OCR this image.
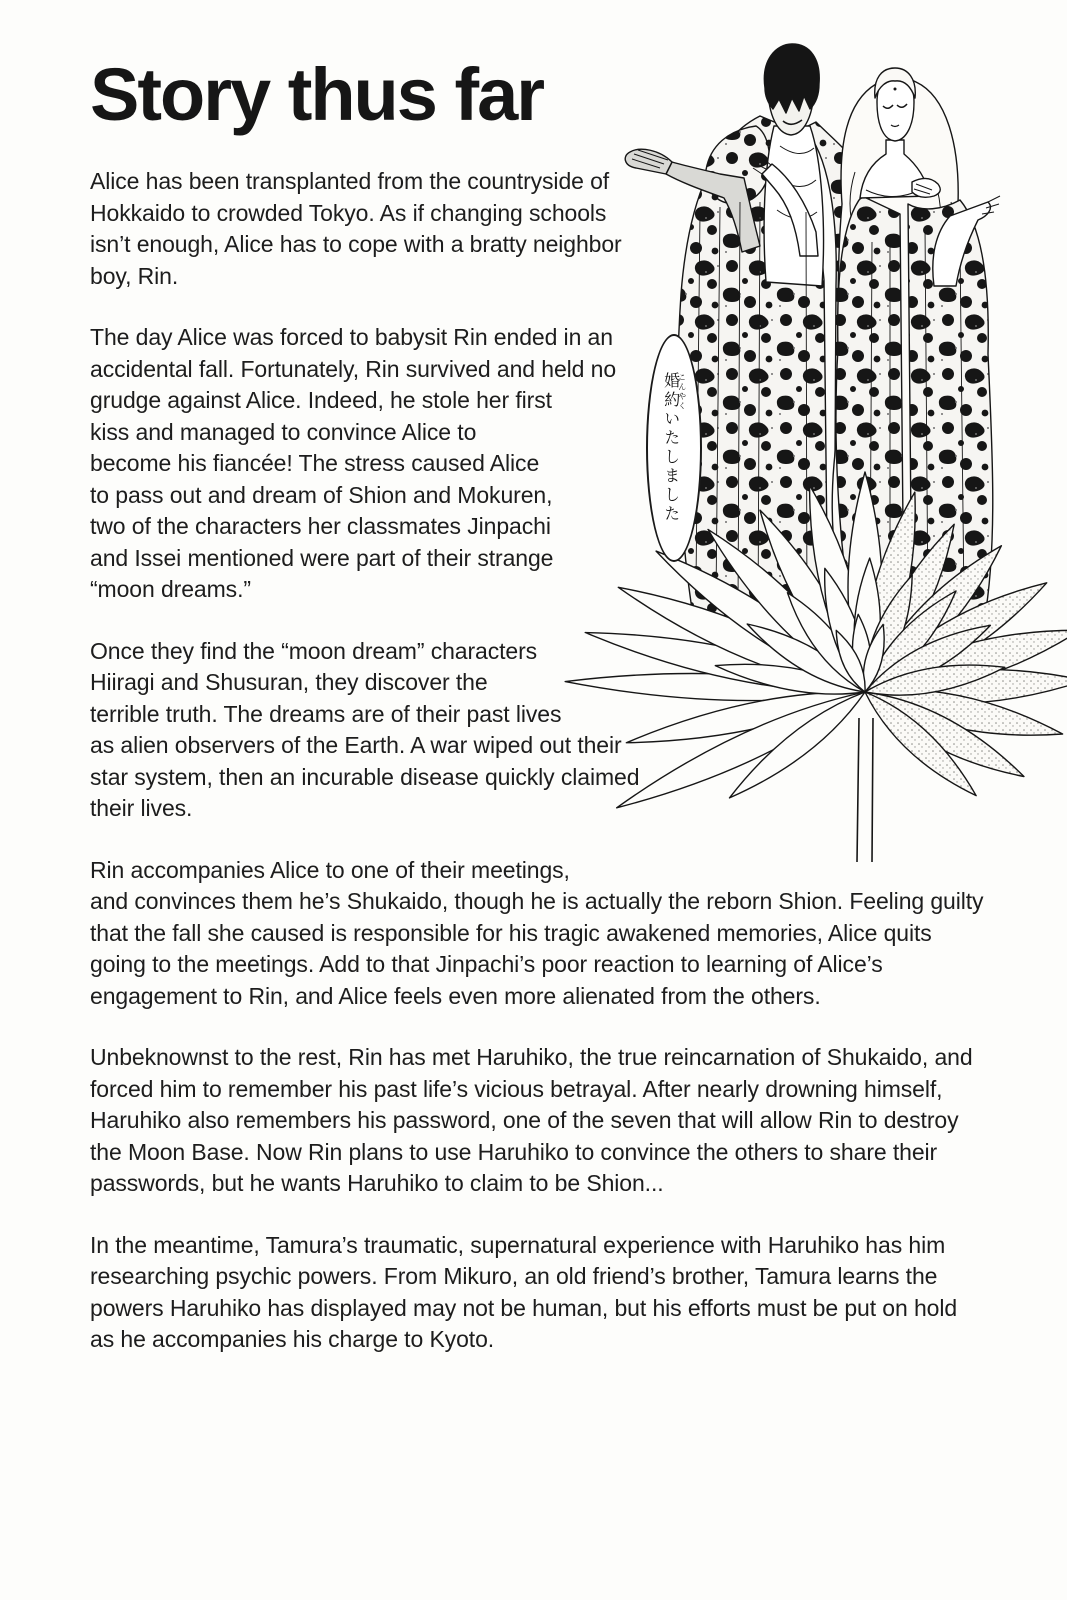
婚約 こんやくいたしました
Story thus far

Alice has been transplanted from the countryside of Hokkaido to crowded Tokyo. As if changing schools isn’t enough, Alice has to cope with a bratty neighbor boy, Rin.

The day Alice was forced to babysit Rin ended in an accidental fall. Fortunately, Rin survived and held no grudge against Alice. Indeed, he stole her first kiss and managed to convince Alice to become his fiancée! The stress caused Alice to pass out and dream of Shion and Mokuren, two of the characters her classmates Jinpachi and Issei mentioned were part of their strange “moon dreams.”

Once they find the “moon dream” characters Hiiragi and Shusuran, they discover the terrible truth. The dreams are of their past lives as alien observers of the Earth. A war wiped out their star system, then an incurable disease quickly claimed their lives.

Rin accompanies Alice to one of their meetings, and convinces them he’s Shukaido, though he is actually the reborn Shion. Feeling guilty that the fall she caused is responsible for his tragic awakened memories, Alice quits going to the meetings. Add to that Jinpachi’s poor reaction to learning of Alice’s engagement to Rin, and Alice feels even more alienated from the others.

Unbeknownst to the rest, Rin has met Haruhiko, the true reincarnation of Shukaido, and forced him to remember his past life’s vicious betrayal. After nearly drowning himself, Haruhiko also remembers his password, one of the seven that will allow Rin to destroy the Moon Base. Now Rin plans to use Haruhiko to convince the others to share their passwords, but he wants Haruhiko to claim to be Shion...

In the meantime, Tamura’s traumatic, supernatural experience with Haruhiko has him researching psychic powers. From Mikuro, an old friend’s brother, Tamura learns the powers Haruhiko has displayed may not be human, but his efforts must be put on hold as he accompanies his charge to Kyoto.
